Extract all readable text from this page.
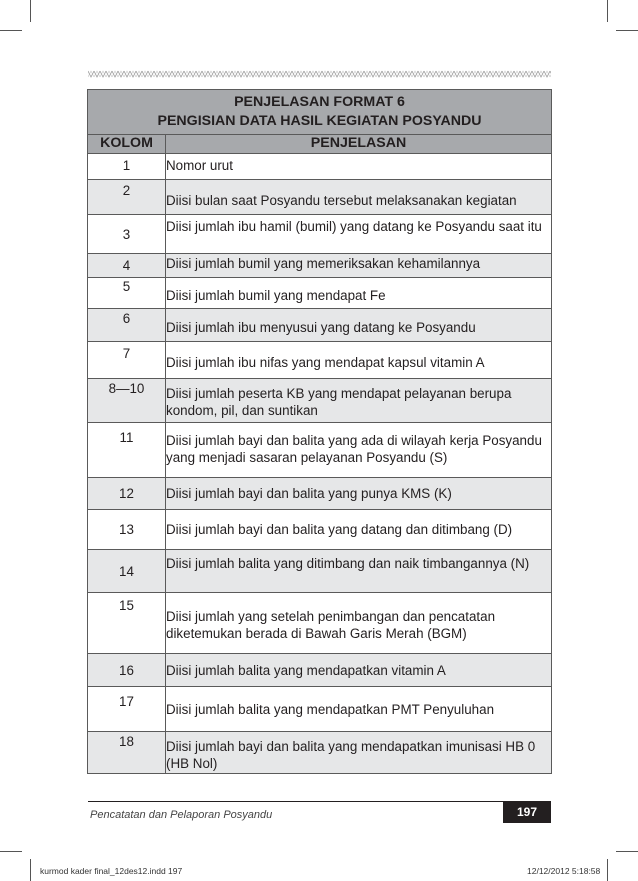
PENJELASAN FORMAT 6	
PENGISIAN DATA HASIL KEGIATAN POSYANDU	
KOLOM	PENJELASAN
1	Nomor urut
2	Diisi bulan saat Posyandu tersebut melaksanakan kegiatan
3	Diisi jumlah ibu hamil (bumil) yang datang ke Posyandu saat itu
4	Diisi jumlah bumil yang memeriksakan kehamilannya
5	Diisi jumlah bumil yang mendapat Fe
6	Diisi jumlah ibu menyusui yang datang ke Posyandu
7	Diisi jumlah ibu nifas yang mendapat kapsul vitamin A
8—10	Diisi jumlah peserta KB yang mendapat pelayanan berupa kondom, pil, dan suntikan
11	Diisi jumlah bayi dan balita yang ada di wilayah kerja Posyandu yang menjadi sasaran pelayanan Posyandu (S)
12	Diisi jumlah bayi dan balita yang punya KMS (K)
13	Diisi jumlah bayi dan balita yang datang dan ditimbang (D)
14	Diisi jumlah balita yang ditimbang dan naik timbangannya (N)
15	Diisi jumlah yang setelah penimbangan dan pencatatan diketemukan berada di Bawah Garis Merah (BGM)
16	Diisi jumlah balita yang mendapatkan vitamin A
17	Diisi jumlah balita yang mendapatkan PMT Penyuluhan
18	Diisi jumlah bayi dan balita yang mendapatkan imunisasi HB 0 (HB Nol)
Pencatatan dan Pelaporan Posyandu	197
kurmod kader final_12des12.indd 197	12/12/2012 5:18:58
